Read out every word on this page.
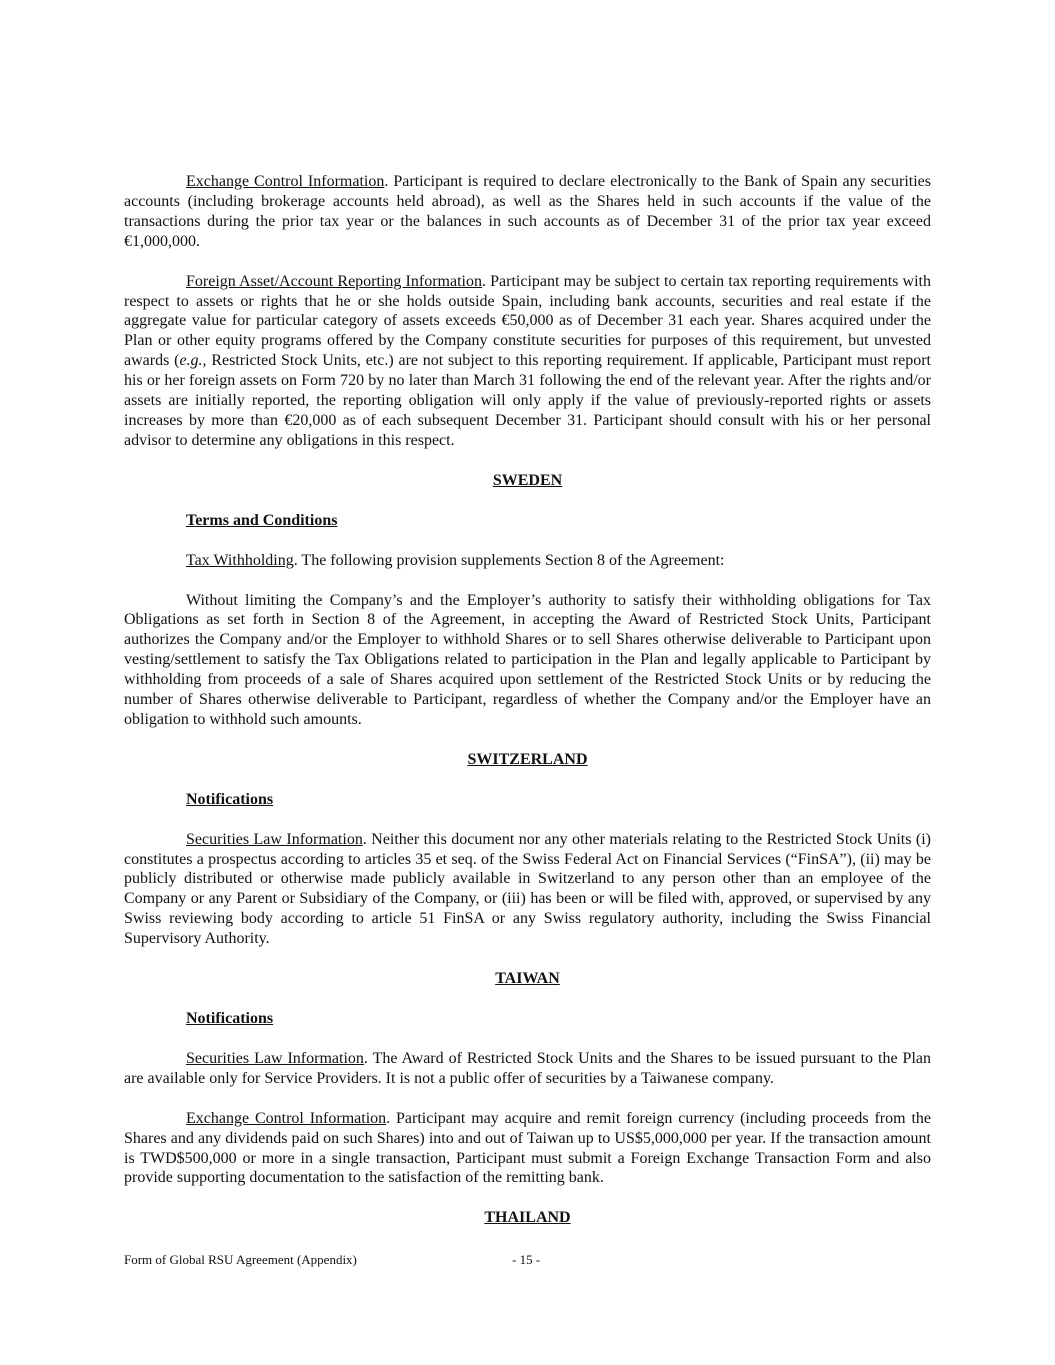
Exchange Control Information. Participant is required to declare electronically to the Bank of Spain any securities accounts (including brokerage accounts held abroad), as well as the Shares held in such accounts if the value of the transactions during the prior tax year or the balances in such accounts as of December 31 of the prior tax year exceed €1,000,000.

Foreign Asset/Account Reporting Information. Participant may be subject to certain tax reporting requirements with respect to assets or rights that he or she holds outside Spain, including bank accounts, securities and real estate if the aggregate value for particular category of assets exceeds €50,000 as of December 31 each year. Shares acquired under the Plan or other equity programs offered by the Company constitute securities for purposes of this requirement, but unvested awards (e.g., Restricted Stock Units, etc.) are not subject to this reporting requirement. If applicable, Participant must report his or her foreign assets on Form 720 by no later than March 31 following the end of the relevant year. After the rights and/or assets are initially reported, the reporting obligation will only apply if the value of previously-reported rights or assets increases by more than €20,000 as of each subsequent December 31. Participant should consult with his or her personal advisor to determine any obligations in this respect.

SWEDEN

Terms and Conditions

Tax Withholding. The following provision supplements Section 8 of the Agreement:

Without limiting the Company’s and the Employer’s authority to satisfy their withholding obligations for Tax Obligations as set forth in Section 8 of the Agreement, in accepting the Award of Restricted Stock Units, Participant authorizes the Company and/or the Employer to withhold Shares or to sell Shares otherwise deliverable to Participant upon vesting/settlement to satisfy the Tax Obligations related to participation in the Plan and legally applicable to Participant by withholding from proceeds of a sale of Shares acquired upon settlement of the Restricted Stock Units or by reducing the number of Shares otherwise deliverable to Participant, regardless of whether the Company and/or the Employer have an obligation to withhold such amounts.

SWITZERLAND

Notifications

Securities Law Information. Neither this document nor any other materials relating to the Restricted Stock Units (i) constitutes a prospectus according to articles 35 et seq. of the Swiss Federal Act on Financial Services (“FinSA”), (ii) may be publicly distributed or otherwise made publicly available in Switzerland to any person other than an employee of the Company or any Parent or Subsidiary of the Company, or (iii) has been or will be filed with, approved, or supervised by any Swiss reviewing body according to article 51 FinSA or any Swiss regulatory authority, including the Swiss Financial Supervisory Authority.

TAIWAN

Notifications

Securities Law Information. The Award of Restricted Stock Units and the Shares to be issued pursuant to the Plan are available only for Service Providers. It is not a public offer of securities by a Taiwanese company.

Exchange Control Information. Participant may acquire and remit foreign currency (including proceeds from the Shares and any dividends paid on such Shares) into and out of Taiwan up to US$5,000,000 per year. If the transaction amount is TWD$500,000 or more in a single transaction, Participant must submit a Foreign Exchange Transaction Form and also provide supporting documentation to the satisfaction of the remitting bank.

THAILAND

Form of Global RSU Agreement (Appendix)	- 15 -
